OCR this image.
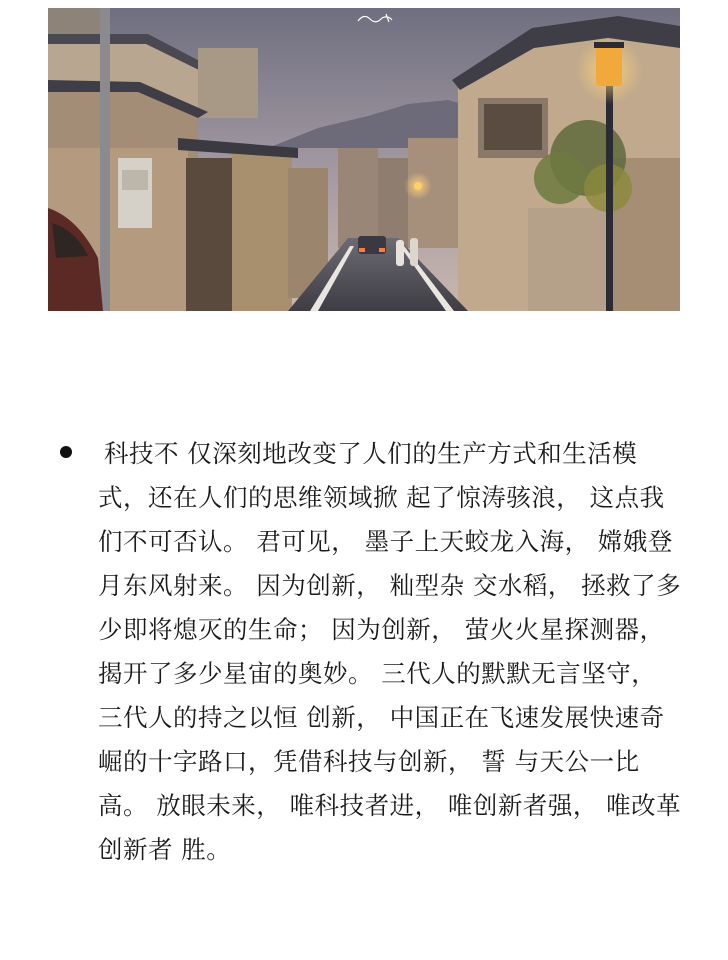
科技不 仅深刻地改变了人们的生产方式和生活模
式，还在人们的思维领域掀 起了惊涛骇浪， 这点我
们不可否认。 君可见， 墨子上天蛟龙入海， 嫦娥登
月东风射来。 因为创新， 籼型杂 交水稻， 拯救了多
少即将熄灭的生命； 因为创新， 萤火火星探测器，
揭开了多少星宙的奥妙。 三代人的默默无言坚守，
三代人的持之以恒 创新， 中国正在飞速发展快速奇
崛的十字路口，凭借科技与创新， 誓 与天公一比
高。 放眼未来， 唯科技者进， 唯创新者强， 唯改革
创新者 胜。
